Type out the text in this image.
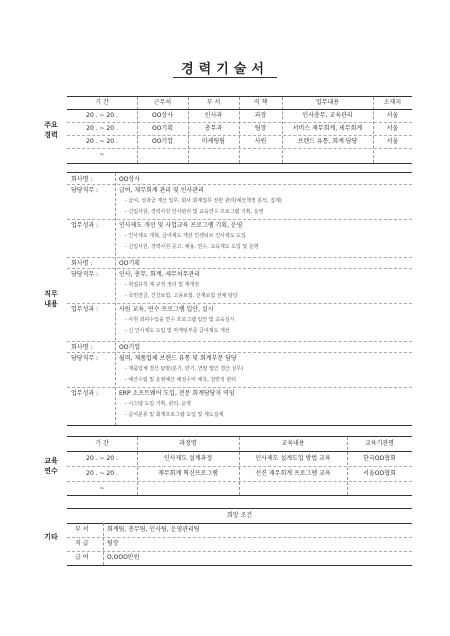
경력기술서
주요
경력
기 간	근무처	부 서	직 책	업무내용	소재지
20 . ~ 20 .	OO상사	인사과	과장	인사총무, 교육관리	서울
20 . ~ 20 .	OO기획	총무과	팀장	서비스 재무회계, 세무회계	서울
20 . ~ 20 .	OO기업	마케팅팀	사원	브랜드 유통, 회계 담당	서울
~
직무
내용
회사명 :	OO상사
담당직무 :	급여, 재무회계 관리 및 인사관리
- 급여, 성과급 계산 업무, 회사 회계업무 전반 관리(예산책정 분석, 집계)
- 신입사원, 경력사원 인사관리 및 교육연수 프로그램 기획, 운영
업무성과 :	인사제도 개선 및 사업교육 프로그램 기획, 운영
- 인사제도 개혁, 급여제도 개선 인센티브 인사제도 도입
- 신입사원, 경력사원 공고, 채용, 연수, 교육제도 도입 및 운영
회사명 :	OO기획
담당직무 :	인사, 총무, 회계, 세무처무관리
- 취업규칙 제 규정 정리 및 재개정
- 국민연금, 건강보험, 고용보험, 산재보험 전체 담당
업무성과 :	사원 교육, 연수 프로그램 입안, 실시
- 사원 외피수입을 연수 프로그램 입안 및 교육실시
- 신 인사제도 도입 및 마케팅부문 급여제도 개선
회사명 :	OO기업
담당직무 :	월력, 재품업체 브랜드 유통 및 회계부문 담당
- 재품업체 결산 탐방(분기, 반기, 연말 법인 결산 실무)
- 예산수립 및 운영예산 예상수익 예측, 전반적 관리
업무성과 :	ERP 소프트웨어 도입, 전문 회계담당자 역임
- 시스템 도입 기획, 관리, 운영
- 급여분류 및 회계프로그램 도입 및 제도설계
교육
연수
기 간	과정명	교육내용	교육기관명
20 . ~ 20 .	인사제도 설계과정	인사제도 설계도입 방법 교육	한국OO협회
20 . ~ 20 .	재무회계 혁신프로그램	선진 재무회계 프로그램 교육	서울OO협회
~
기타
희망 조건
부 서	회계팀, 총무팀, 인사팀, 운영관리팀
직 급	팀장
급 여	O,OOO만원
